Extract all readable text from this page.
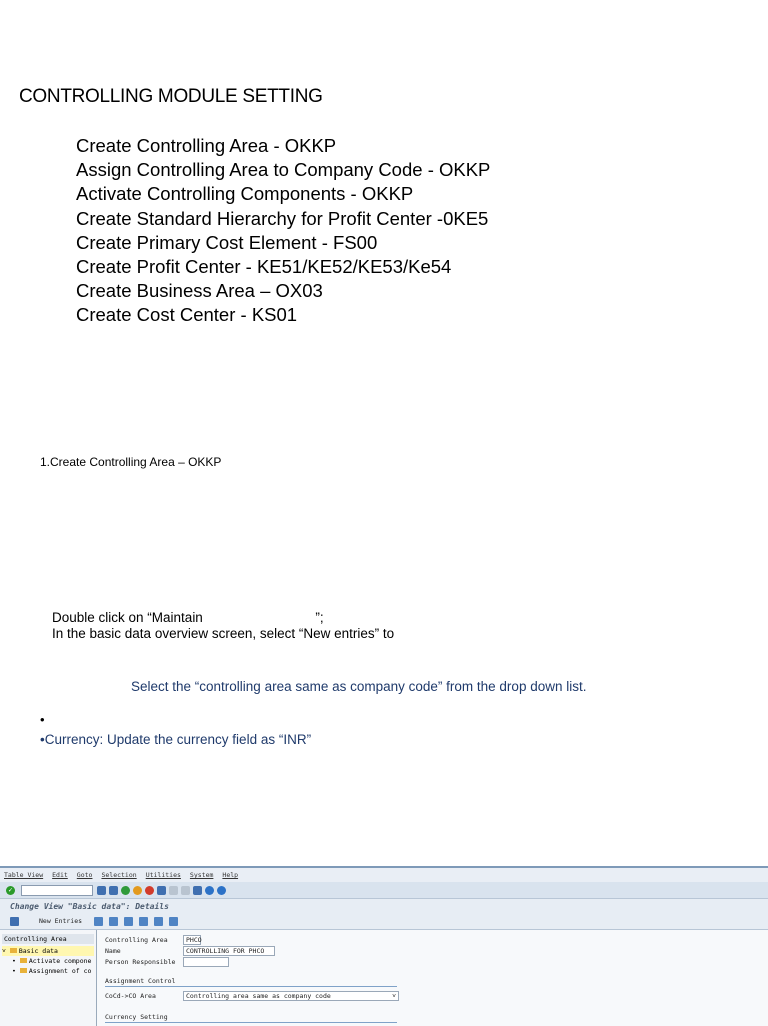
CONTROLLING MODULE SETTING
Create Controlling Area - OKKP
Assign Controlling Area to Company Code - OKKP
Activate Controlling Components - OKKP
Create Standard Hierarchy for Profit Center -0KE5
Create Primary Cost Element - FS00
Create Profit Center - KE51/KE52/KE53/Ke54
Create Business Area – OX03
Create Cost Center - KS01
1.Create Controlling Area – OKKP
Double click on “Maintain                              ”;
In the basic data overview screen, select “New entries” to
Select the “controlling area same as company code” from the drop down list.
•
•Currency: Update the currency field as “INR”
Table View Edit Goto Selection Utilities System Help
✓
Change View "Basic data": Details
New Entries
Controlling Area
˅ Basic data
• Activate compone
• Assignment of co
Controlling Area	PHCO
Name	CONTROLLING FOR PHCO
Person Responsible
Assignment Control
CoCd->CO Area	Controlling area same as company code	˅
Currency Setting
